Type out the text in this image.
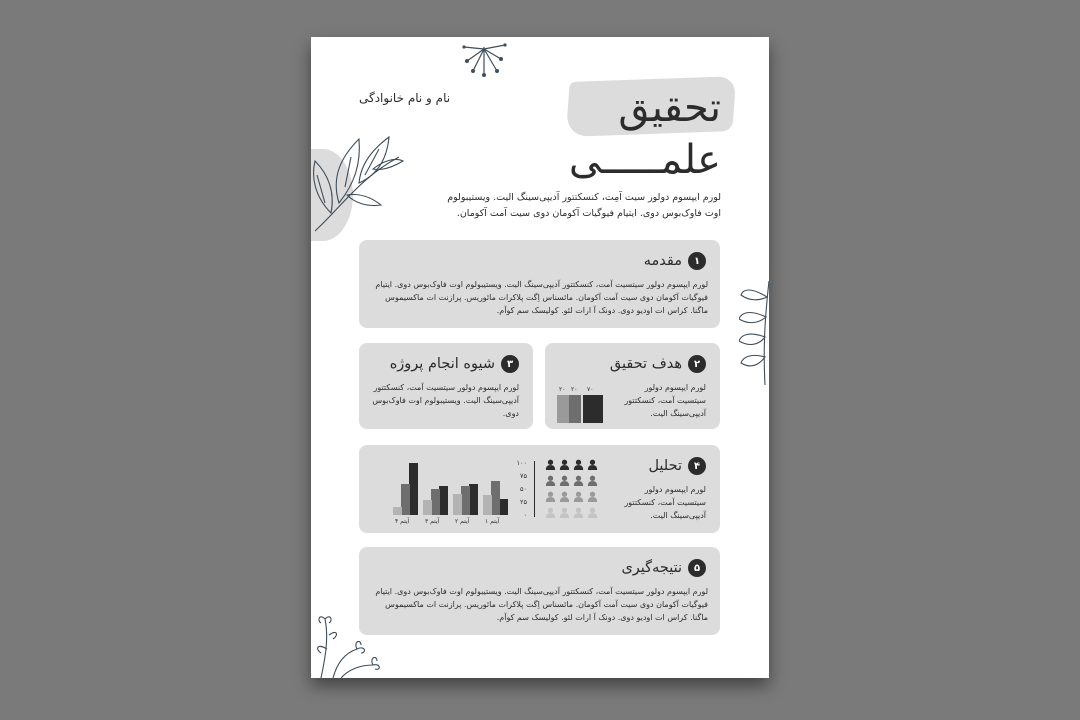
تحقیق
علمـــــی
نام و نام خانوادگی
لورم ایپسوم دولور سیت آمِت، کنسکتتور آدیپی‌سینگ الیت. ویستیبولوم اوت فاوک‌بوس دوی. ایتیام فیوگیات آکومان دوی سیت آمت آکومان.
۱
مقدمه
لورم ایپسوم دولور سیتسیت آمت، کنسکتتور آدیپی‌سینگ الیت. ویستیبولوم اوت فاوک‌بوس دوی. ایتیام فیوگیات آکومان دوی سیت آمت آکومان. مائسناس اِگت پلاکرات مائوریس. پرازنت ات ماکسیموس ماگنا. کراس ات اودیو دوی. دونک آ ارات لئو. کولیسک سم کوآم.
۳
شیوه انجام پروژه
لورم ایپسوم دولور سیتسیت آمت، کنسکتتور آدیپی‌سینگ الیت. ویستیبولوم اوت فاوک‌بوس دوی.
۲
هدف تحقیق
لورم ایپسوم دولور سیتسیت آمت، کنسکتتور آدیپی‌سینگ الیت.
۲۰ ۲۰ ۷۰
۴
تحلیل
لورم ایپسوم دولور سیتسیت آمت، کنسکتتور آدیپی‌سینگ الیت.
۱۰۰
۷۵
۵۰
۲۵
۰
آیتم ۱
آیتم ۲
آیتم ۳
آیتم ۴
۵
نتیجه‌گیری
لورم ایپسوم دولور سیتسیت آمت، کنسکتتور آدیپی‌سینگ الیت. ویستیبولوم اوت فاوک‌بوس دوی. ایتیام فیوگیات آکومان دوی سیت آمت آکومان. مائسناس اِگت پلاکرات مائوریس. پرازنت ات ماکسیموس ماگنا. کراس ات اودیو دوی. دونک آ ارات لئو. کولیسک سم کوآم.
